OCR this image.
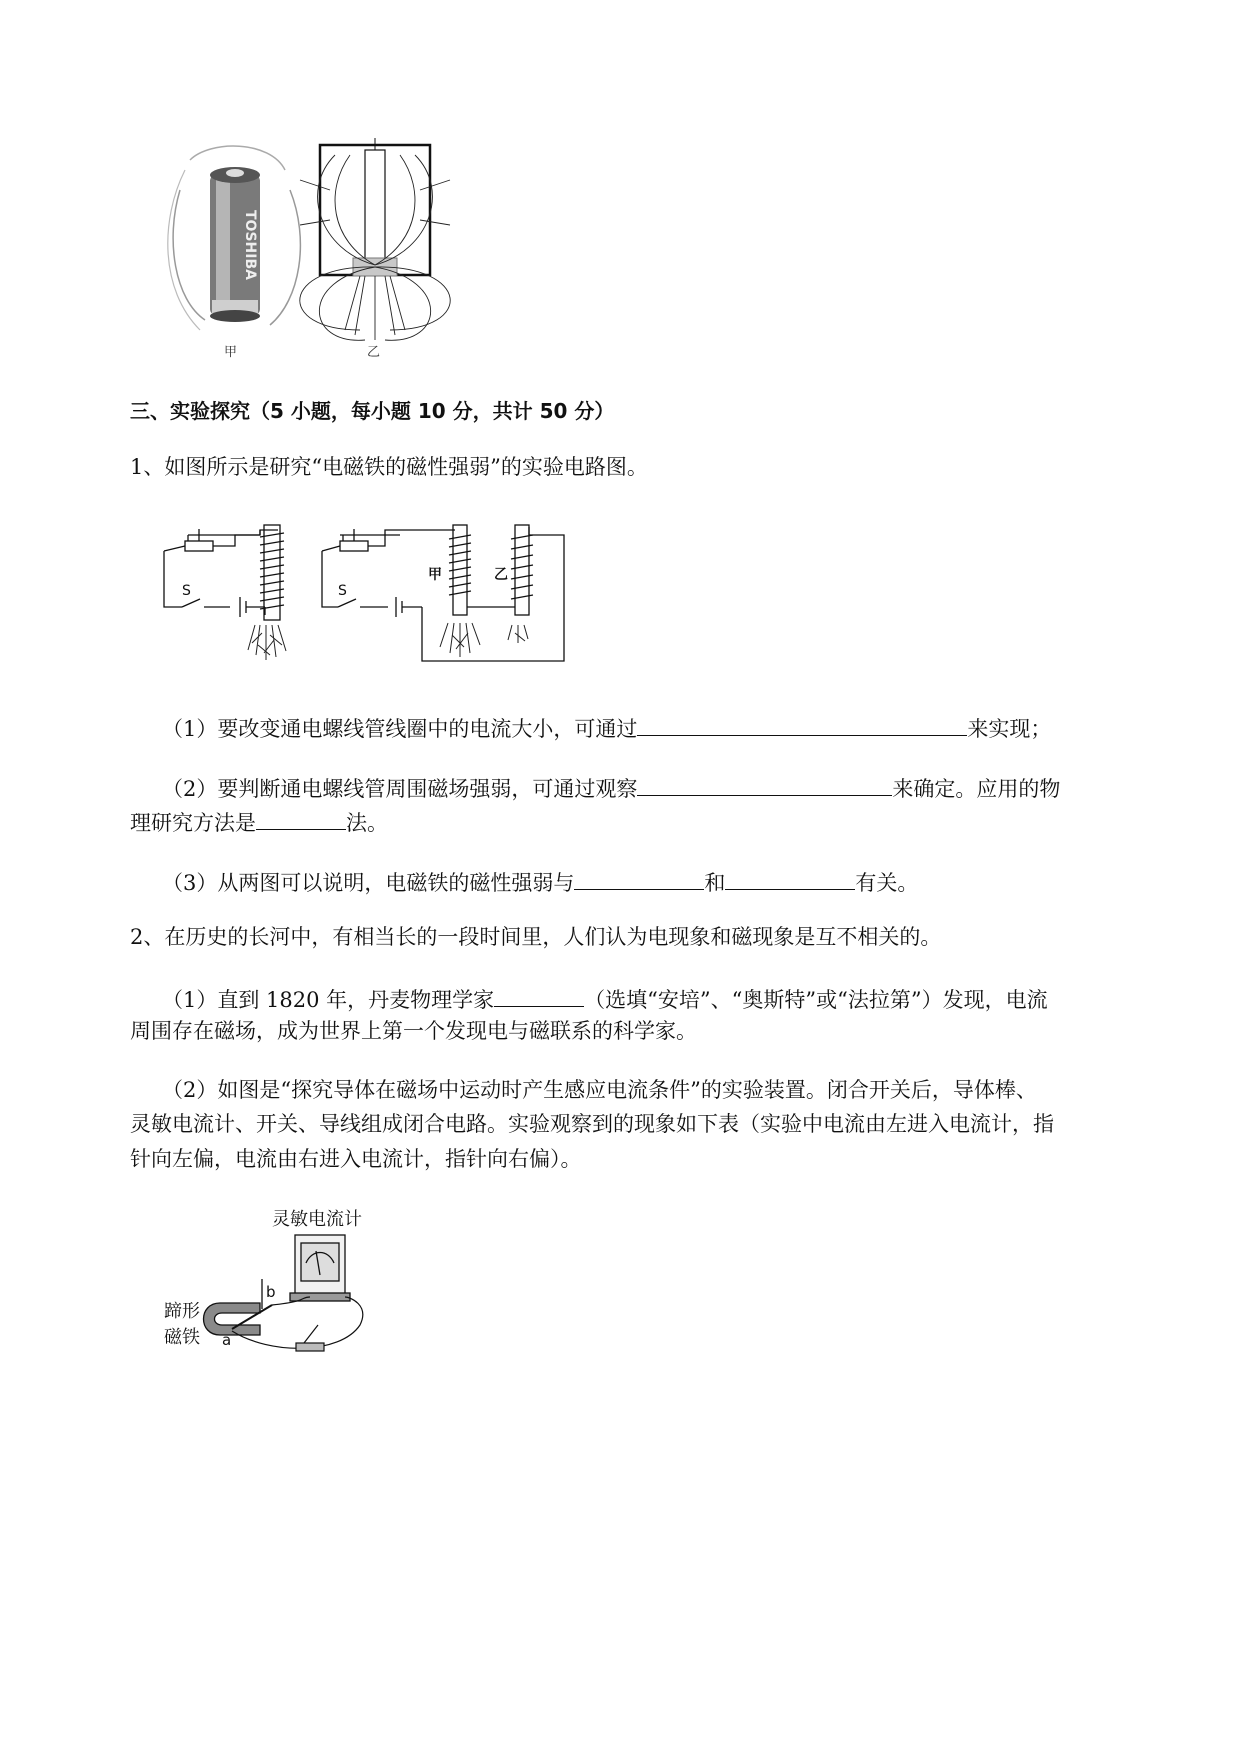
TOSHIBA
甲	乙
三、实验探究（5 小题，每小题 10 分，共计 50 分）
1、如图所示是研究“电磁铁的磁性强弱”的实验电路图。
S	S
甲	乙
（1）要改变通电螺线管线圈中的电流大小，可通过	来实现；
（2）要判断通电螺线管周围磁场强弱，可通过观察	来确定。应用的物
理研究方法是	法。
（3）从两图可以说明，电磁铁的磁性强弱与	和	有关。
2、在历史的长河中，有相当长的一段时间里，人们认为电现象和磁现象是互不相关的。
（1）直到 1820 年，丹麦物理学家	（选填“安培”、“奥斯特”或“法拉第”）发现，电流
周围存在磁场，成为世界上第一个发现电与磁联系的科学家。
（2）如图是“探究导体在磁场中运动时产生感应电流条件”的实验装置。闭合开关后，导体棒、
灵敏电流计、开关、导线组成闭合电路。实验观察到的现象如下表（实验中电流由左进入电流计，指
针向左偏，电流由右进入电流计，指针向右偏）。
灵敏电流计
蹄形
磁铁 a
b
